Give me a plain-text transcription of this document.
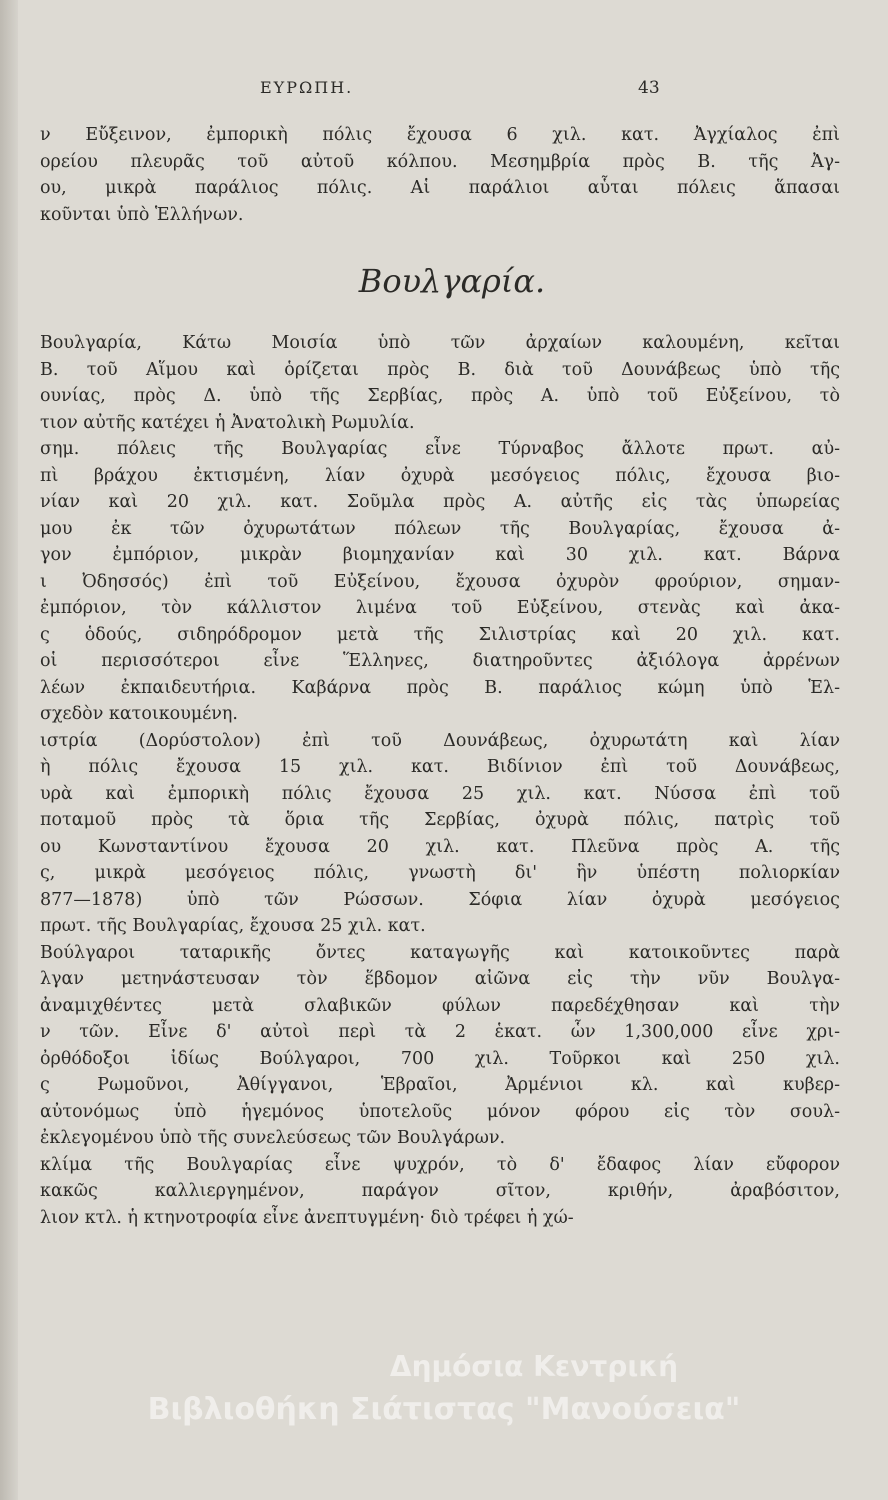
ΕΥΡΩΠΗ.	43
ν Εὔξεινον, ἐμπορικὴ πόλις ἔχουσα 6 χιλ. κατ. Ἀγχίαλος ἐπὶ
ορείου πλευρᾶς τοῦ αὐτοῦ κόλπου. Μεσημβρία πρὸς Β. τῆς Ἀγ-
ου, μικρὰ παράλιος πόλις. Αἱ παράλιοι αὗται πόλεις ἅπασαι
κοῦνται ὑπὸ Ἑλλήνων.
Βουλγαρία.
Βουλγαρία, Κάτω Μοισία ὑπὸ τῶν ἀρχαίων καλουμένη, κεῖται
Β. τοῦ Αἵμου καὶ ὁρίζεται πρὸς Β. διὰ τοῦ Δουνάβεως ὑπὸ τῆς
ουνίας, πρὸς Δ. ὑπὸ τῆς Σερβίας, πρὸς Α. ὑπὸ τοῦ Εὐξείνου, τὸ
τιον αὐτῆς κατέχει ἡ Ἀνατολικὴ Ρωμυλία.
σημ. πόλεις τῆς Βουλγαρίας εἶνε Τύρναβος ἄλλοτε πρωτ. αὐ-
πὶ βράχου ἐκτισμένη, λίαν ὀχυρὰ μεσόγειος πόλις, ἔχουσα βιο-
νίαν καὶ 20 χιλ. κατ. Σοῦμλα πρὸς Α. αὐτῆς εἰς τὰς ὑπωρείας
μου ἐκ τῶν ὀχυρωτάτων πόλεων τῆς Βουλγαρίας, ἔχουσα ἀ-
γον ἐμπόριον, μικρὰν βιομηχανίαν καὶ 30 χιλ. κατ. Βάρνα
ι Ὀδησσός) ἐπὶ τοῦ Εὐξείνου, ἔχουσα ὀχυρὸν φρούριον, σημαν-
ἐμπόριον, τὸν κάλλιστον λιμένα τοῦ Εὐξείνου, στενὰς καὶ ἀκα-
ς ὁδούς, σιδηρόδρομον μετὰ τῆς Σιλιστρίας καὶ 20 χιλ. κατ.
οἱ περισσότεροι εἶνε Ἕλληνες, διατηροῦντες ἀξιόλογα ἀρρένων
λέων ἐκπαιδευτήρια. Καβάρνα πρὸς Β. παράλιος κώμη ὑπὸ Ἑλ-
σχεδὸν κατοικουμένη.
ιστρία (Δορύστολον) ἐπὶ τοῦ Δουνάβεως, ὀχυρωτάτη καὶ λίαν
ὴ πόλις ἔχουσα 15 χιλ. κατ. Βιδίνιον ἐπὶ τοῦ Δουνάβεως,
υρὰ καὶ ἐμπορικὴ πόλις ἔχουσα 25 χιλ. κατ. Νύσσα ἐπὶ τοῦ
ποταμοῦ πρὸς τὰ ὅρια τῆς Σερβίας, ὀχυρὰ πόλις, πατρὶς τοῦ
ου Κωνσταντίνου ἔχουσα 20 χιλ. κατ. Πλεῦνα πρὸς Α. τῆς
ς, μικρὰ μεσόγειος πόλις, γνωστὴ δι' ἣν ὑπέστη πολιορκίαν
877—1878) ὑπὸ τῶν Ρώσσων. Σόφια λίαν ὀχυρὰ μεσόγειος
πρωτ. τῆς Βουλγαρίας, ἔχουσα 25 χιλ. κατ.
Βούλγαροι ταταρικῆς ὄντες καταγωγῆς καὶ κατοικοῦντες παρὰ
λγαν μετηνάστευσαν τὸν ἕβδομον αἰῶνα εἰς τὴν νῦν Βουλγα-
ἀναμιχθέντες μετὰ σλαβικῶν φύλων παρεδέχθησαν καὶ τὴν
ν τῶν. Εἶνε δ' αὐτοὶ περὶ τὰ 2 ἑκατ. ὧν 1,300,000 εἶνε χρι-
ὀρθόδοξοι ἰδίως Βούλγαροι, 700 χιλ. Τοῦρκοι καὶ 250 χιλ.
ς Ρωμοῦνοι, Ἀθίγγανοι, Ἑβραῖοι, Ἀρμένιοι κλ. καὶ κυβερ-
αὐτονόμως ὑπὸ ἡγεμόνος ὑποτελοῦς μόνον φόρου εἰς τὸν σουλ-
ἐκλεγομένου ὑπὸ τῆς συνελεύσεως τῶν Βουλγάρων.
κλίμα τῆς Βουλγαρίας εἶνε ψυχρόν, τὸ δ' ἔδαφος λίαν εὔφορον
κακῶς καλλιεργημένον, παράγον σῖτον, κριθήν, ἀραβόσιτον,
λιον κτλ. ἡ κτηνοτροφία εἶνε ἀνεπτυγμένη· διὸ τρέφει ἡ χώ-
Δημόσια Κεντρική
Βιβλιοθήκη Σιάτιστας "Μανούσεια"
